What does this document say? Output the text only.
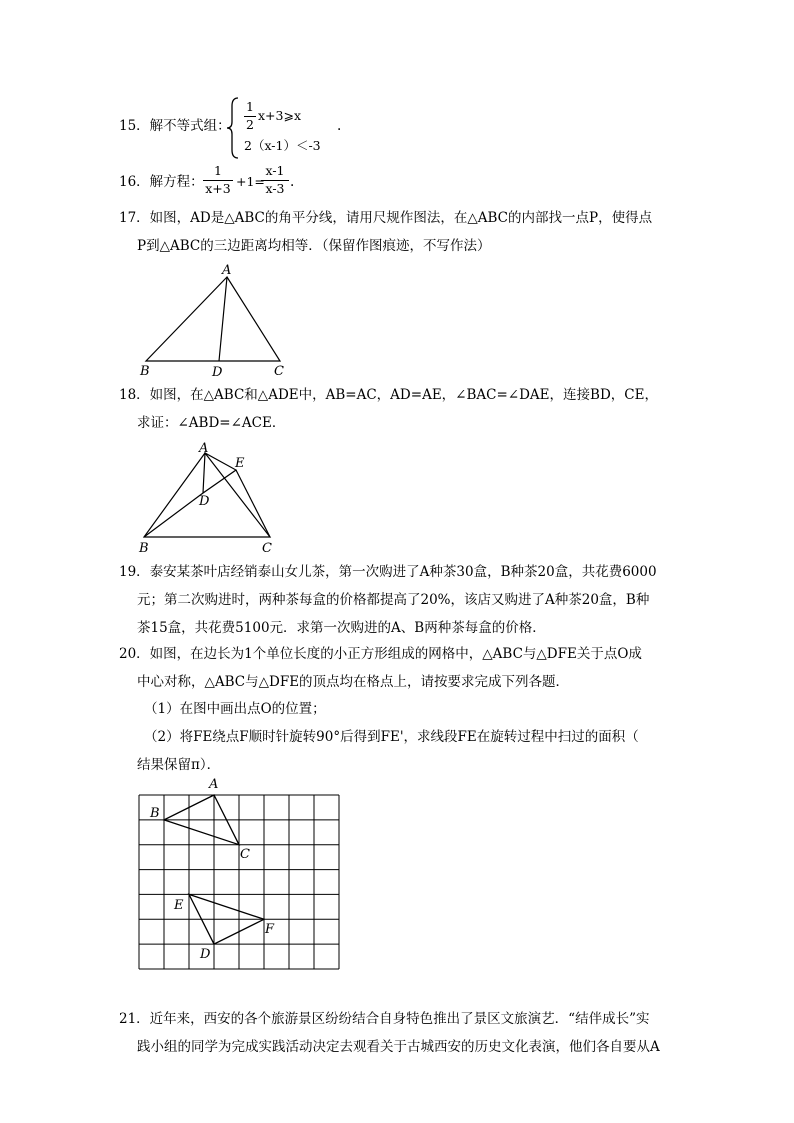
15．解不等式组：
1
2
x+3⩾x
2（x-1）＜-3
.
16．解方程：
1
x+3 +1=
x-1
x-3 .
17．如图，AD是△ABC的角平分线，请用尺规作图法，在△ABC的内部找一点P，使得点
P到△ABC的三边距离均相等．（保留作图痕迹，不写作法）
A
B	D	C
18．如图，在△ABC和△ADE中，AB=AC，AD=AE，∠BAC=∠DAE，连接BD，CE，
求证：∠ABD=∠ACE．
A
E
D
B	C
19．泰安某茶叶店经销泰山女儿茶，第一次购进了A种茶30盒，B种茶20盒，共花费6000
元；第二次购进时，两种茶每盒的价格都提高了20%，该店又购进了A种茶20盒，B种
茶15盒，共花费5100元．求第一次购进的A、B两种茶每盒的价格．
20．如图，在边长为1个单位长度的小正方形组成的网格中，△ABC与△DFE关于点O成
中心对称，△ABC与△DFE的顶点均在格点上，请按要求完成下列各题．
（1）在图中画出点O的位置；
（2）将FE绕点F顺时针旋转90°后得到FE'，求线段FE在旋转过程中扫过的面积（
结果保留π）．
A
B
C
E
F
D
21．近年来，西安的各个旅游景区纷纷结合自身特色推出了景区文旅演艺．“结伴成长”实
践小组的同学为完成实践活动决定去观看关于古城西安的历史文化表演，他们各自要从A
